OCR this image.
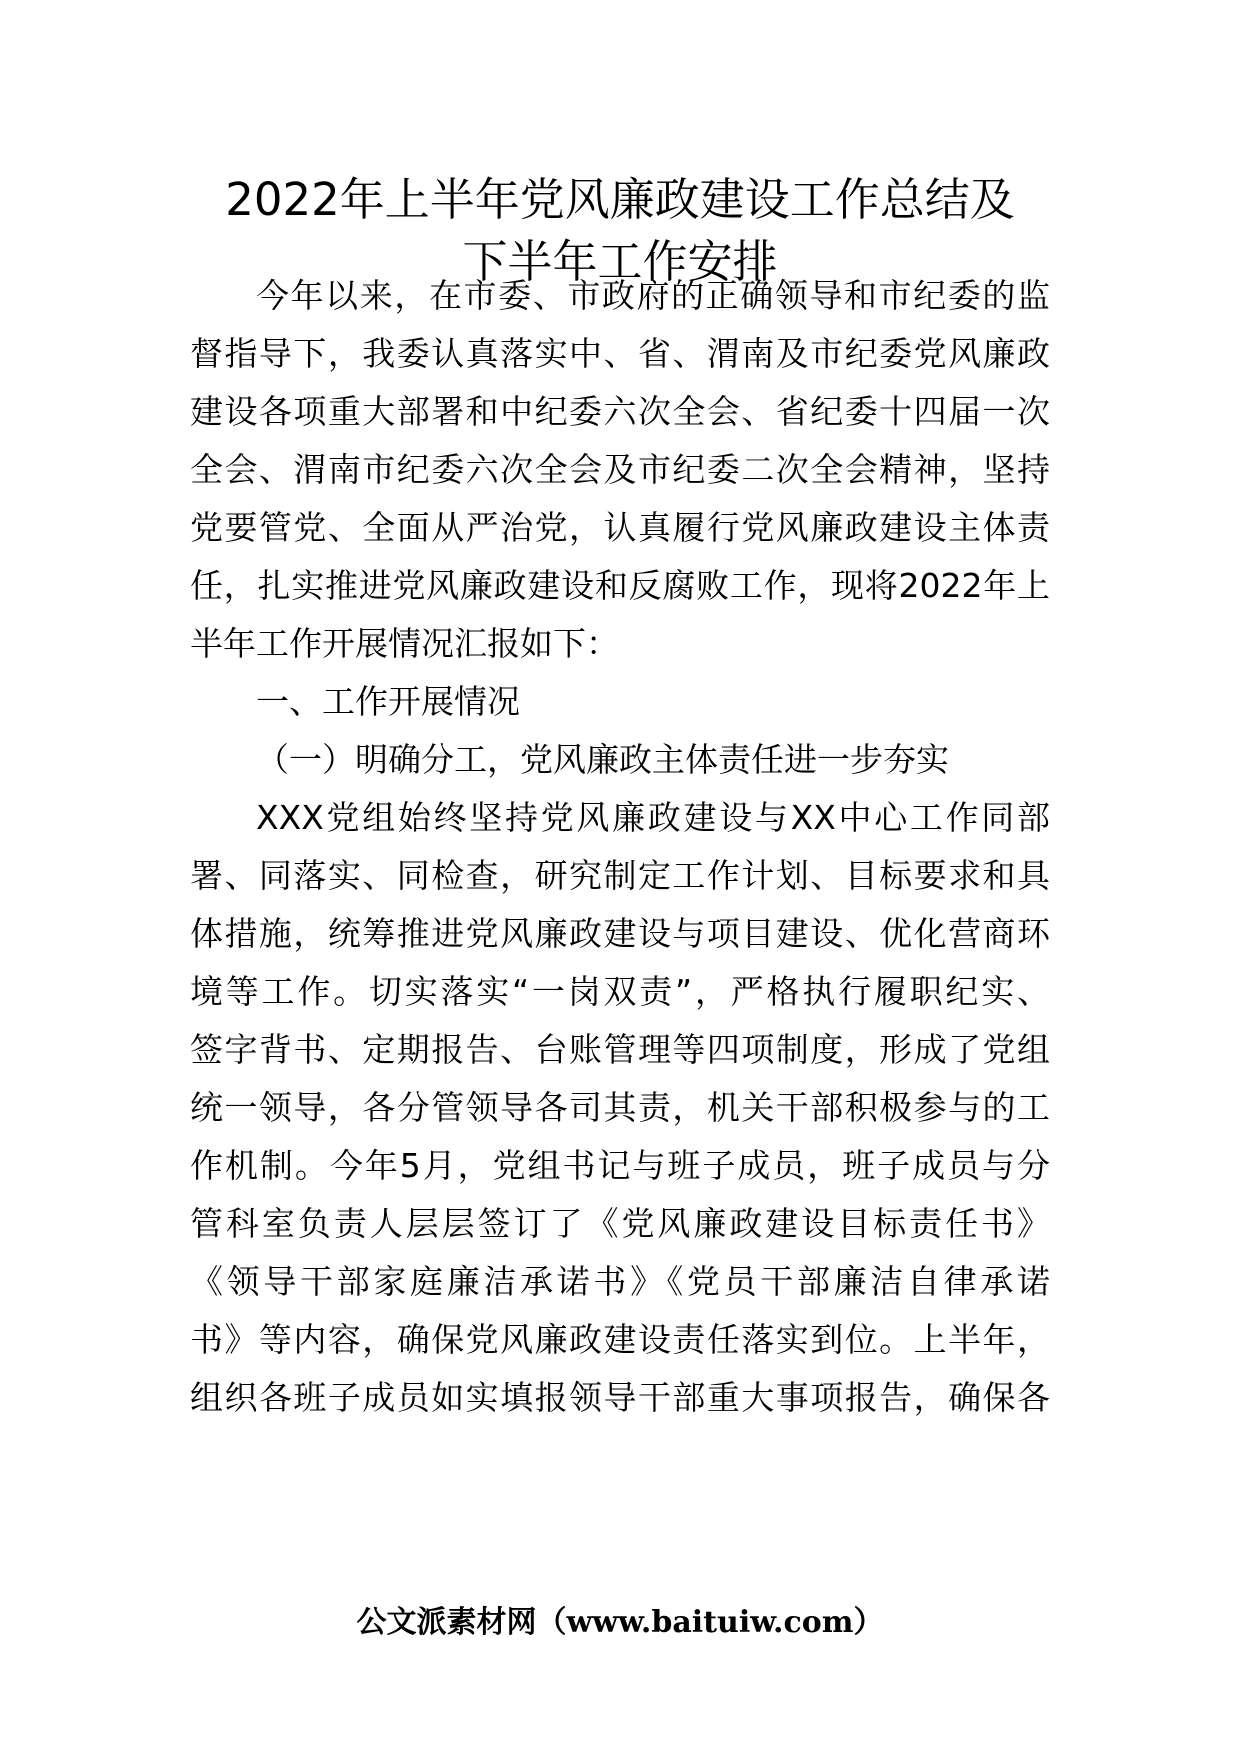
2022年上半年党风廉政建设工作总结及
下半年工作安排
今年以来，在市委、市政府的正确领导和市纪委的监
督指导下，我委认真落实中、省、渭南及市纪委党风廉政
建设各项重大部署和中纪委六次全会、省纪委十四届一次
全会、渭南市纪委六次全会及市纪委二次全会精神，坚持
党要管党、全面从严治党，认真履行党风廉政建设主体责
任，扎实推进党风廉政建设和反腐败工作，现将2022年上
半年工作开展情况汇报如下：
一、工作开展情况
（一）明确分工，党风廉政主体责任进一步夯实
XXX党组始终坚持党风廉政建设与XX中心工作同部
署、同落实、同检查，研究制定工作计划、目标要求和具
体措施，统筹推进党风廉政建设与项目建设、优化营商环
境等工作。切实落实“一岗双责”，严格执行履职纪实、
签字背书、定期报告、台账管理等四项制度，形成了党组
统一领导，各分管领导各司其责，机关干部积极参与的工
作机制。今年5月，党组书记与班子成员，班子成员与分
管科室负责人层层签订了《党风廉政建设目标责任书》
《领导干部家庭廉洁承诺书》《党员干部廉洁自律承诺
书》等内容，确保党风廉政建设责任落实到位。上半年，
组织各班子成员如实填报领导干部重大事项报告，确保各
公文派素材网（www.baituiw.com）
